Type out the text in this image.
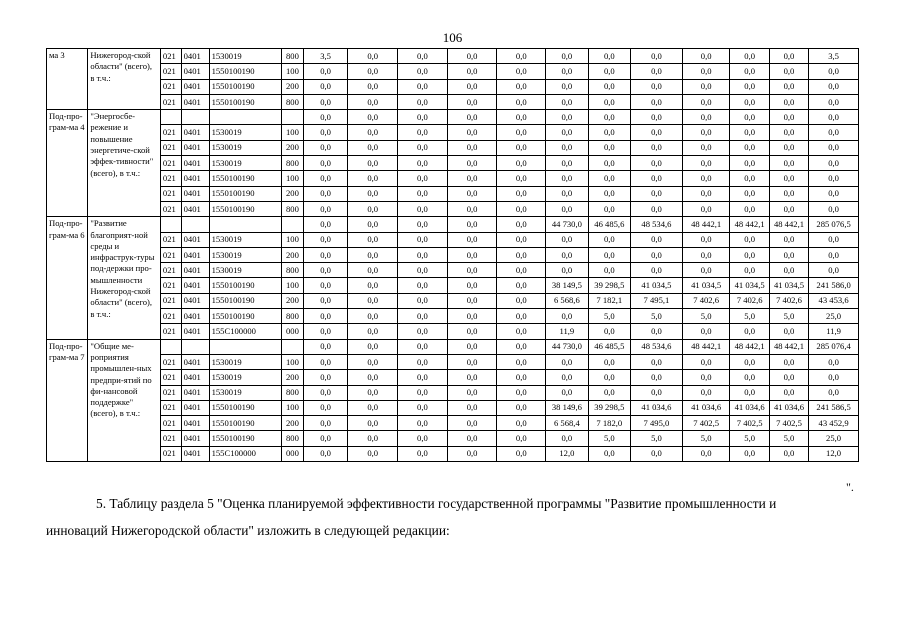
106
ма 3	Нижегород-ской области" (всего), в т.ч.:	021	0401	1530019	800	3,5	0,0	0,0	0,0	0,0	0,0	0,0	0,0	0,0	0,0	0,0	3,5
		021	0401	1550100190	100	0,0	0,0	0,0	0,0	0,0	0,0	0,0	0,0	0,0	0,0	0,0	0,0
		021	0401	1550100190	200	0,0	0,0	0,0	0,0	0,0	0,0	0,0	0,0	0,0	0,0	0,0	0,0
		021	0401	1550100190	800	0,0	0,0	0,0	0,0	0,0	0,0	0,0	0,0	0,0	0,0	0,0	0,0
Под-про-грам-ма 4	"Энергосбе-режение и повышение энергетиче-ской эффек-тивности" (всего), в т.ч.:					0,0	0,0	0,0	0,0	0,0	0,0	0,0	0,0	0,0	0,0	0,0	0,0
		021	0401	1530019	100	0,0	0,0	0,0	0,0	0,0	0,0	0,0	0,0	0,0	0,0	0,0	0,0
		021	0401	1530019	200	0,0	0,0	0,0	0,0	0,0	0,0	0,0	0,0	0,0	0,0	0,0	0,0
		021	0401	1530019	800	0,0	0,0	0,0	0,0	0,0	0,0	0,0	0,0	0,0	0,0	0,0	0,0
		021	0401	1550100190	100	0,0	0,0	0,0	0,0	0,0	0,0	0,0	0,0	0,0	0,0	0,0	0,0
		021	0401	1550100190	200	0,0	0,0	0,0	0,0	0,0	0,0	0,0	0,0	0,0	0,0	0,0	0,0
		021	0401	1550100190	800	0,0	0,0	0,0	0,0	0,0	0,0	0,0	0,0	0,0	0,0	0,0	0,0
Под-про-грам-ма 6	"Развитие благоприят-ной среды и инфраструк-туры под-держки про-мышленности Нижегород-ской области" (всего), в т.ч.:					0,0	0,0	0,0	0,0	0,0	44 730,0	46 485,6	48 534,6	48 442,1	48 442,1	48 442,1	285 076,5
		021	0401	1530019	100	0,0	0,0	0,0	0,0	0,0	0,0	0,0	0,0	0,0	0,0	0,0	0,0
		021	0401	1530019	200	0,0	0,0	0,0	0,0	0,0	0,0	0,0	0,0	0,0	0,0	0,0	0,0
		021	0401	1530019	800	0,0	0,0	0,0	0,0	0,0	0,0	0,0	0,0	0,0	0,0	0,0	0,0
		021	0401	1550100190	100	0,0	0,0	0,0	0,0	0,0	38 149,5	39 298,5	41 034,5	41 034,5	41 034,5	41 034,5	241 586,0
		021	0401	1550100190	200	0,0	0,0	0,0	0,0	0,0	6 568,6	7 182,1	7 495,1	7 402,6	7 402,6	7 402,6	43 453,6
		021	0401	1550100190	800	0,0	0,0	0,0	0,0	0,0	0,0	5,0	5,0	5,0	5,0	5,0	25,0
		021	0401	155С100000	000	0,0	0,0	0,0	0,0	0,0	11,9	0,0	0,0	0,0	0,0	0,0	11,9
Под-про-грам-ма 7	"Общие ме-роприятия промышлен-ных предпри-ятий по фи-нансовой поддержке" (всего), в т.ч.:					0,0	0,0	0,0	0,0	0,0	44 730,0	46 485,5	48 534,6	48 442,1	48 442,1	48 442,1	285 076,4
		021	0401	1530019	100	0,0	0,0	0,0	0,0	0,0	0,0	0,0	0,0	0,0	0,0	0,0	0,0
		021	0401	1530019	200	0,0	0,0	0,0	0,0	0,0	0,0	0,0	0,0	0,0	0,0	0,0	0,0
		021	0401	1530019	800	0,0	0,0	0,0	0,0	0,0	0,0	0,0	0,0	0,0	0,0	0,0	0,0
		021	0401	1550100190	100	0,0	0,0	0,0	0,0	0,0	38 149,6	39 298,5	41 034,6	41 034,6	41 034,6	41 034,6	241 586,5
		021	0401	1550100190	200	0,0	0,0	0,0	0,0	0,0	6 568,4	7 182,0	7 495,0	7 402,5	7 402,5	7 402,5	43 452,9
		021	0401	1550100190	800	0,0	0,0	0,0	0,0	0,0	0,0	5,0	5,0	5,0	5,0	5,0	25,0
		021	0401	155С100000	000	0,0	0,0	0,0	0,0	0,0	12,0	0,0	0,0	0,0	0,0	0,0	12,0
".
5. Таблицу раздела 5 "Оценка планируемой эффективности государственной программы "Развитие промышленности и
инноваций Нижегородской области" изложить в следующей редакции:
